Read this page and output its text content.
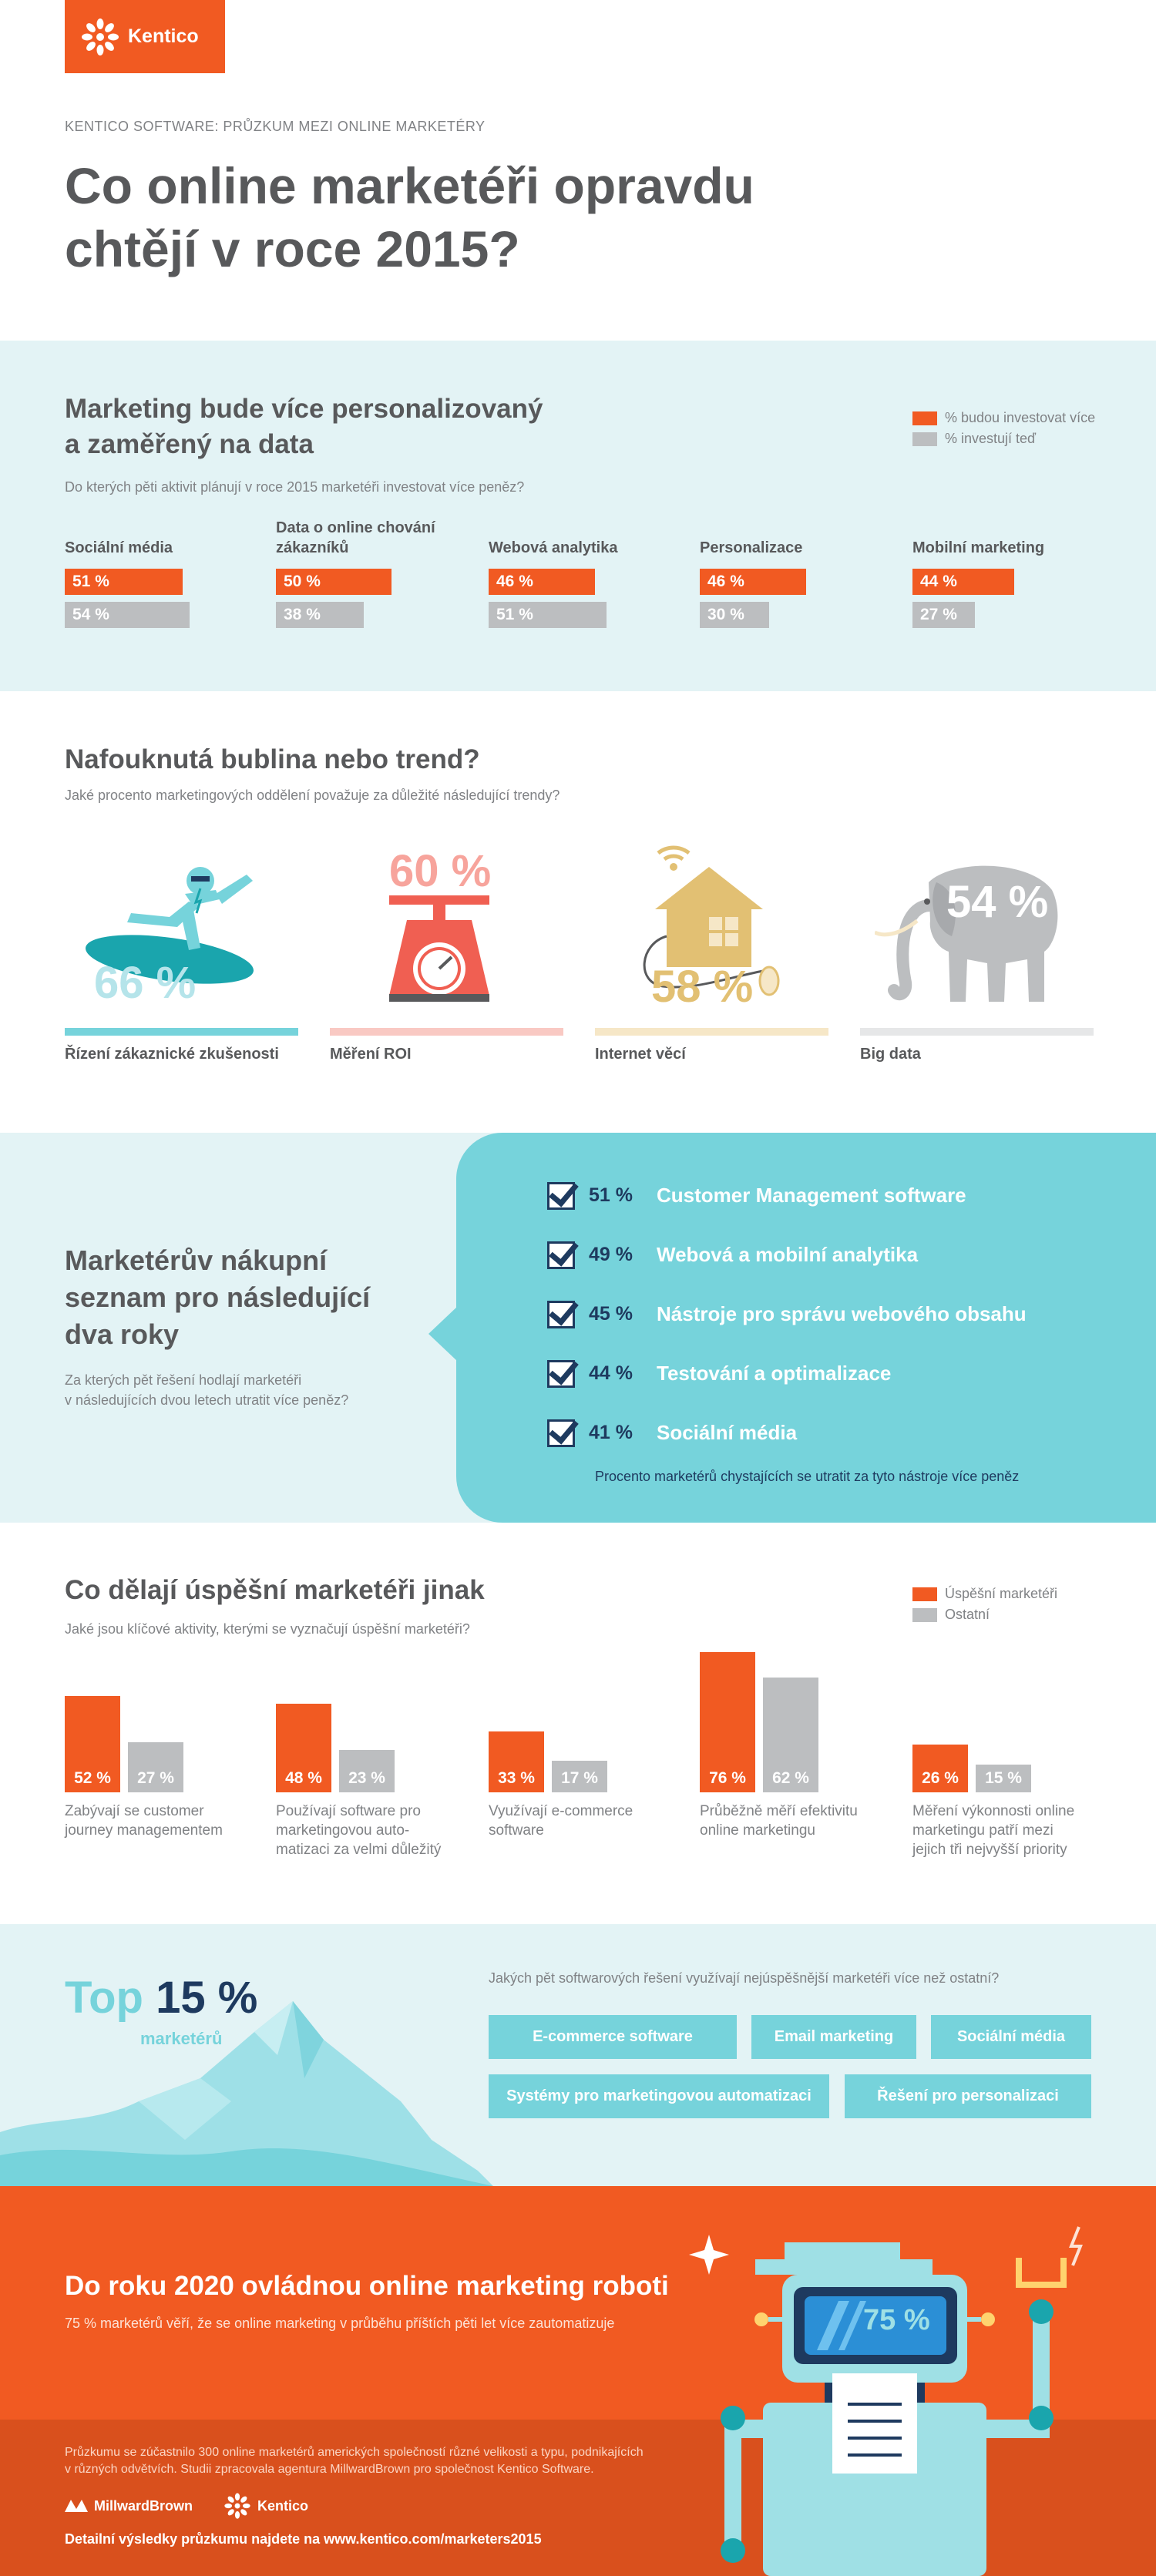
Kentico
KENTICO SOFTWARE: PRŮZKUM MEZI ONLINE MARKETÉRY
Co online marketéři opravdu
chtějí v roce 2015?
Marketing bude více personalizovaný
a zaměřený na data
Do kterých pěti aktivit plánují v roce 2015 marketéři investovat více peněz?
% budou investovat více
% investují teď
Sociální média
51 %
54 %
Data o online chování zákazníků
50 %
38 %
Webová analytika
46 %
51 %
Personalizace
46 %
30 %
Mobilní marketing
44 %
27 %
Nafouknutá bublina nebo trend?
Jaké procento marketingových oddělení považuje za důležité následující trendy?
66 %
60 %
58 %
54 %
Řízení zákaznické zkušenosti	Měření ROI	Internet věcí	Big data
Marketérův nákupní
seznam pro následující
dva roky
Za kterých pět řešení hodlají marketéři
v následujících dvou letech utratit více peněz?
51 %	Customer Management software
49 %	Webová a mobilní analytika
45 %	Nástroje pro správu webového obsahu
44 %	Testování a optimalizace
41 %	Sociální média
Procento marketérů chystajících se utratit za tyto nástroje více peněz
Co dělají úspěšní marketéři jinak
Jaké jsou klíčové aktivity, kterými se vyznačují úspěšní marketéři?
Úspěšní marketéři
Ostatní
52 %	27 %
Zabývají se customer
journey managementem
48 %	23 %
Používají software pro
marketingovou auto-
matizaci za velmi důležitý
33 %	17 %
Využívají e-commerce
software
76 %	62 %
Průběžně měří efektivitu
online marketingu
26 %	15 %
Měření výkonnosti online
marketingu patří mezi
jejich tři nejvyšší priority
Top 15 %
marketérů
Jakých pět softwarových řešení využívají nejúspěšnější marketéři více než ostatní?
E-commerce software	Email marketing	Sociální média
Systémy pro marketingovou automatizaci	Řešení pro personalizaci
Do roku 2020 ovládnou online marketing roboti
75 % marketérů věří, že se online marketing v průběhu příštích pěti let více zautomatizuje	75 %
Průzkumu se zúčastnilo 300 online marketérů amerických společností různé velikosti a typu, podnikajících
v různých odvětvích. Studii zpracovala agentura MillwardBrown pro společnost Kentico Software.
MillwardBrown	Kentico
Detailní výsledky průzkumu najdete na www.kentico.com/marketers2015
